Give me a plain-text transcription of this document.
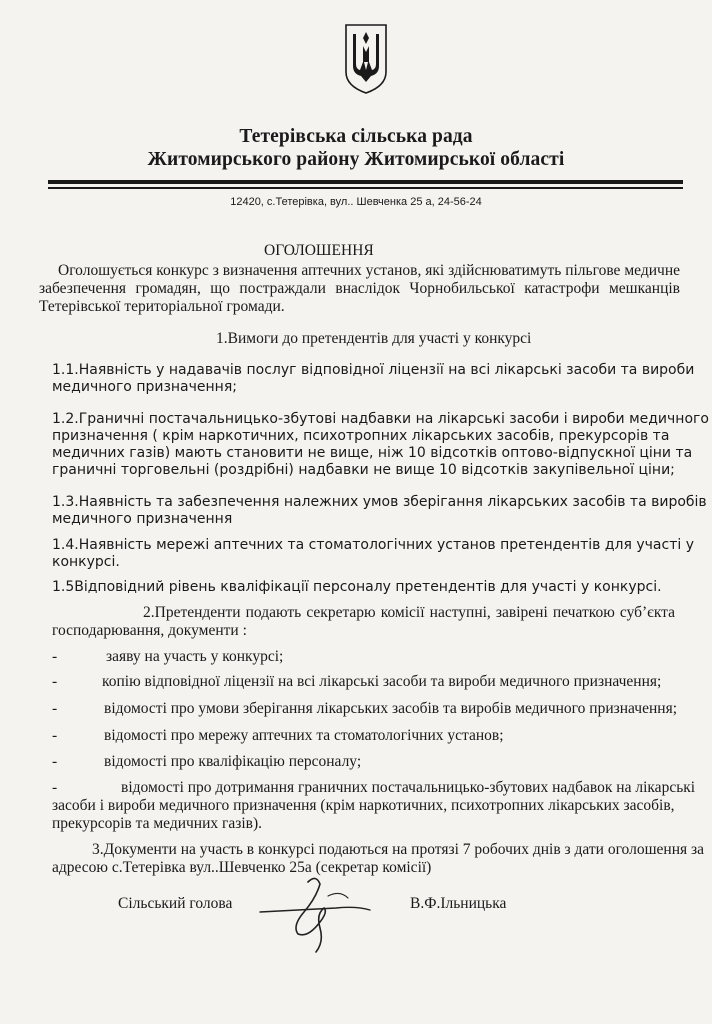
Тетерівська сільська рада
Житомирського району Житомирської області
12420, с.Тетерівка, вул.. Шевченка 25 а, 24-56-24
ОГОЛОШЕННЯ
Оголошується конкурс з визначення аптечних установ, які здійснюватимуть пільгове медичне
забезпечення громадян, що постраждали внаслідок Чорнобильської катастрофи мешканців
Тетерівської територіальної громади.
1.Вимоги до претендентів для участі у конкурсі
1.1.Наявність у надавачів послуг відповідної ліцензії на всі лікарські засоби та вироби
медичного призначення;
1.2.Граничні постачальницько-збутові надбавки на лікарські засоби і вироби медичного
призначення ( крім наркотичних, психотропних лікарських засобів, прекурсорів та
медичних газів) мають становити не вище, ніж 10 відсотків оптово-відпускної ціни та
граничні торговельні (роздрібні) надбавки не вище 10 відсотків закупівельної ціни;
1.3.Наявність та забезпечення належних умов зберігання лікарських засобів та виробів
медичного призначення
1.4.Наявність мережі аптечних та стоматологічних установ претендентів для участі у
конкурсі.
1.5Відповідний рівень кваліфікації персоналу претендентів для участі у конкурсі.
2.Претенденти подають секретарю комісії наступні, завірені печаткою суб’єкта
господарювання, документи :
-	заяву на участь у конкурсі;
-	копію відповідної ліцензії на всі лікарські засоби та вироби медичного призначення;
-	відомості про умови зберігання лікарських засобів та виробів медичного призначення;
-	відомості про мережу аптечних та стоматологічних установ;
-	відомості про кваліфікацію персоналу;
-	відомості про дотримання граничних постачальницько-збутових надбавок на лікарські
засоби і вироби медичного призначення (крім наркотичних, психотропних лікарських засобів,
прекурсорів та медичних газів).
3.Документи на участь в конкурсі подаються на протязі 7 робочих днів з дати оголошення за
адресою с.Тетерівка вул..Шевченко 25а (секретар комісії)
Сільський голова	В.Ф.Ільницька
